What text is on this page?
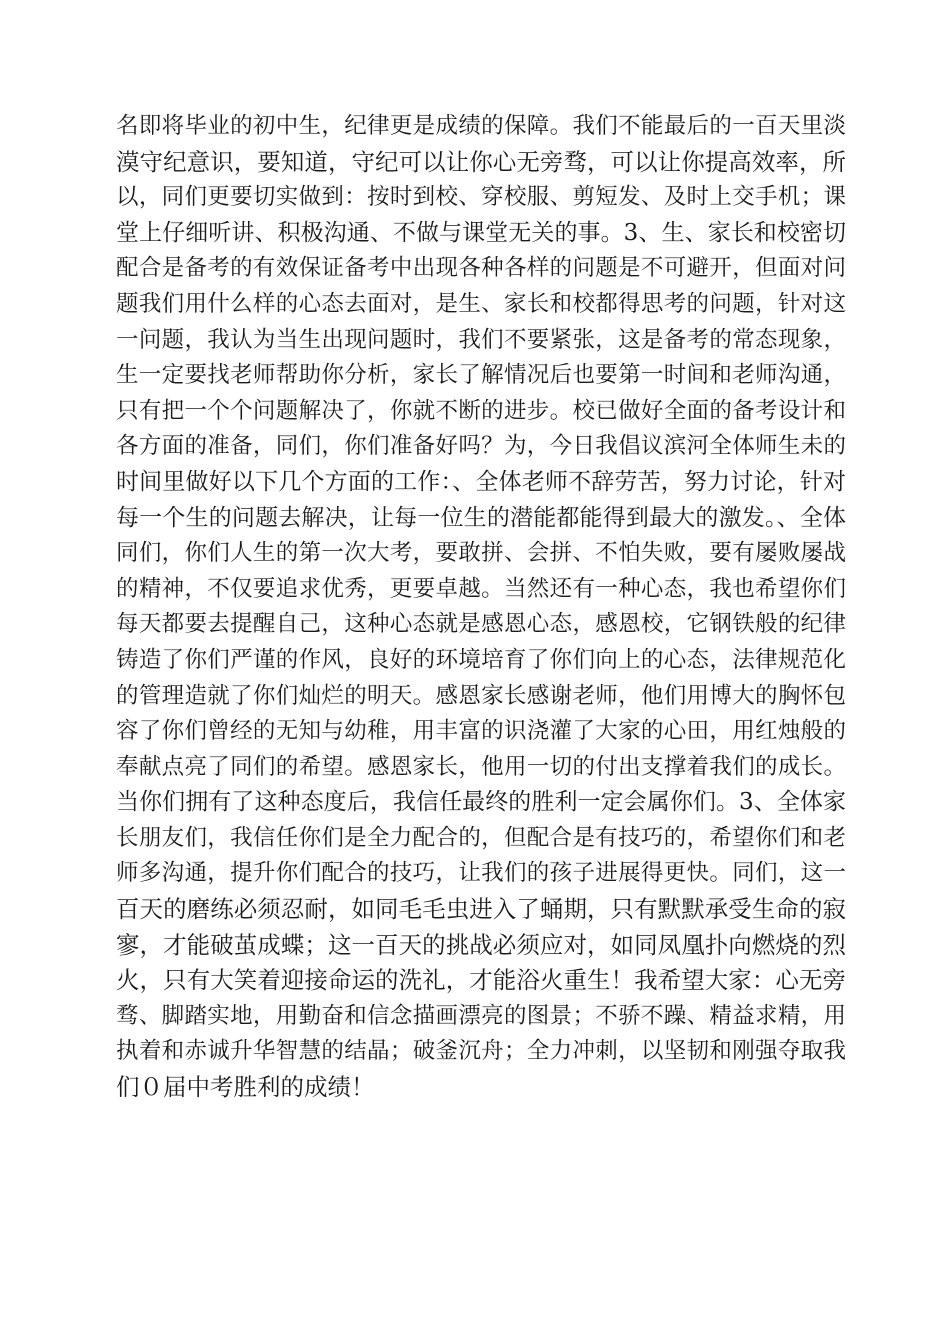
名即将毕业的初中生，纪律更是成绩的保障。我们不能最后的一百天里淡
漠守纪意识，要知道，守纪可以让你心无旁骛，可以让你提高效率，所
以，同们更要切实做到：按时到校、穿校服、剪短发、及时上交手机；课
堂上仔细听讲、积极沟通、不做与课堂无关的事。3、生、家长和校密切
配合是备考的有效保证备考中出现各种各样的问题是不可避开，但面对问
题我们用什么样的心态去面对，是生、家长和校都得思考的问题，针对这
一问题，我认为当生出现问题时，我们不要紧张，这是备考的常态现象，
生一定要找老师帮助你分析，家长了解情况后也要第一时间和老师沟通，
只有把一个个问题解决了，你就不断的进步。校已做好全面的备考设计和
各方面的准备，同们，你们准备好吗？为，今日我倡议滨河全体师生未的
时间里做好以下几个方面的工作：、全体老师不辞劳苦，努力讨论，针对
每一个生的问题去解决，让每一位生的潜能都能得到最大的激发。、全体
同们，你们人生的第一次大考，要敢拼、会拼、不怕失败，要有屡败屡战
的精神，不仅要追求优秀，更要卓越。当然还有一种心态，我也希望你们
每天都要去提醒自己，这种心态就是感恩心态，感恩校，它钢铁般的纪律
铸造了你们严谨的作风，良好的环境培育了你们向上的心态，法律规范化
的管理造就了你们灿烂的明天。感恩家长感谢老师，他们用博大的胸怀包
容了你们曾经的无知与幼稚，用丰富的识浇灌了大家的心田，用红烛般的
奉献点亮了同们的希望。感恩家长，他用一切的付出支撑着我们的成长。
当你们拥有了这种态度后，我信任最终的胜利一定会属你们。3、全体家
长朋友们，我信任你们是全力配合的，但配合是有技巧的，希望你们和老
师多沟通，提升你们配合的技巧，让我们的孩子进展得更快。同们，这一
百天的磨练必须忍耐，如同毛毛虫进入了蛹期，只有默默承受生命的寂
寥，才能破茧成蝶；这一百天的挑战必须应对，如同凤凰扑向燃烧的烈
火，只有大笑着迎接命运的洗礼，才能浴火重生！我希望大家：心无旁
骛、脚踏实地，用勤奋和信念描画漂亮的图景；不骄不躁、精益求精，用
执着和赤诚升华智慧的结晶；破釜沉舟；全力冲刺，以坚韧和刚强夺取我
们０届中考胜利的成绩！
